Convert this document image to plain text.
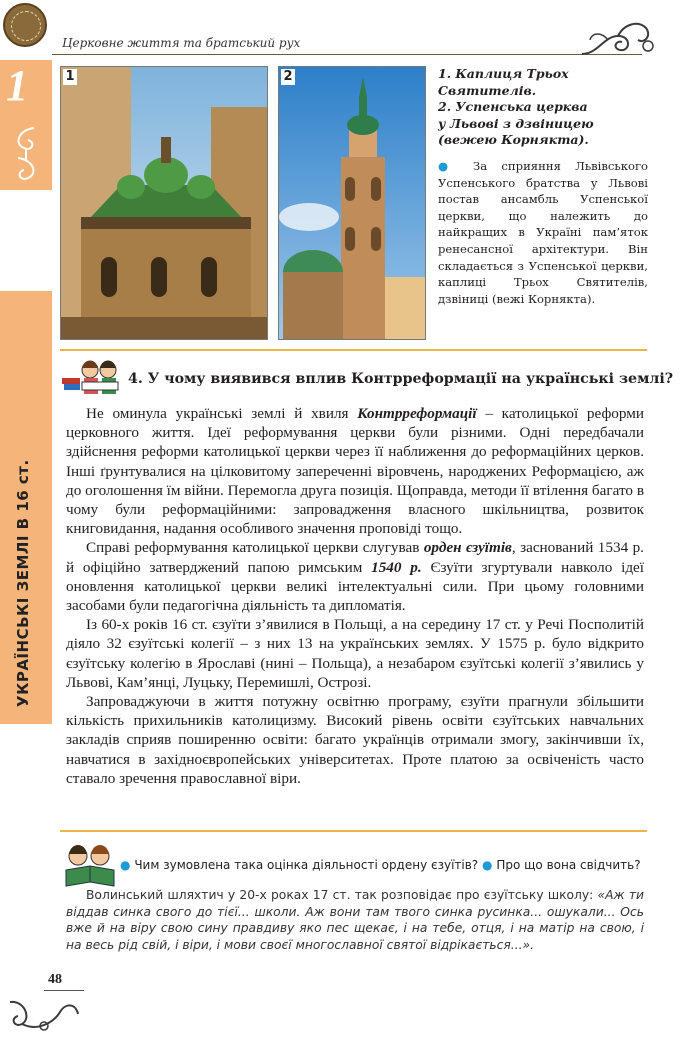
Церковне життя та братський рух
1
УКРАЇНСЬКІ ЗЕМЛІ В 16 ст.
1	2	1. Каплиця Трьох
Святителів.
2. Успенська церква
у Львові з дзвіницею
(вежею Корнякта).
● За сприяння Львівського Успенського братства у Львові постав ансамбль Успенської церкви, що належить до найкращих в Україні пам’яток ренесансної архітектури. Він складається з Успенської церкви, каплиці Трьох Святителів, дзвіниці (вежі Корнякта).
4. У чому виявився вплив Контрреформації на українські землі?

Не оминула українські землі й хвиля Контрреформації – католицької реформи церковного життя. Ідеї реформування церкви були різними. Одні передбачали здійснення реформи католицької церкви через її наближення до реформаційних церков. Інші ґрунтувалися на цілковитому запереченні віровчень, народжених Реформацією, аж до оголошення їм війни. Перемогла друга позиція. Щоправда, методи її втілення багато в чому були реформаційними: запровадження власного шкільництва, розвиток книговидання, надання особливого значення проповіді тощо.

Справі реформування католицької церкви слугував орден єзуїтів, заснований 1534 р. й офіційно затверджений папою римським 1540 р. Єзуїти згуртували навколо ідеї оновлення католицької церкви великі інтелектуальні сили. При цьому головними засобами були педагогічна діяльність та дипломатія.

Із 60-х років 16 ст. єзуїти з’явилися в Польщі, а на середину 17 ст. у Речі Посполитій діяло 32 єзуїтські колегії – з них 13 на українських землях. У 1575 р. було відкрито єзуїтську колегію в Ярославі (нині – Польща), а незабаром єзуїтські колегії з’явились у Львові, Кам’янці, Луцьку, Перемишлі, Острозі.

Запроваджуючи в життя потужну освітню програму, єзуїти прагнули збільшити кількість прихильників католицизму. Високий рівень освіти єзуїтських навчальних закладів сприяв поширенню освіти: багато українців отримали змогу, закінчивши їх, навчатися в західноєвропейських університетах. Проте платою за освіченість часто ставало зречення православної віри.

● Чим зумовлена така оцінка діяльності ордену єзуїтів? ● Про що вона свідчить?

Волинський шляхтич у 20-х роках 17 ст. так розповідає про єзуїтську школу: «Аж ти віддав синка свого до тієї... школи. Аж вони там твого синка русинка... ошукали... Ось вже й на віру свою сину правдиву яко пес щекає, і на тебе, отця, і на матір на свою, і на весь рід свій, і віри, і мови своєї многославної святої відрікається...».

48
